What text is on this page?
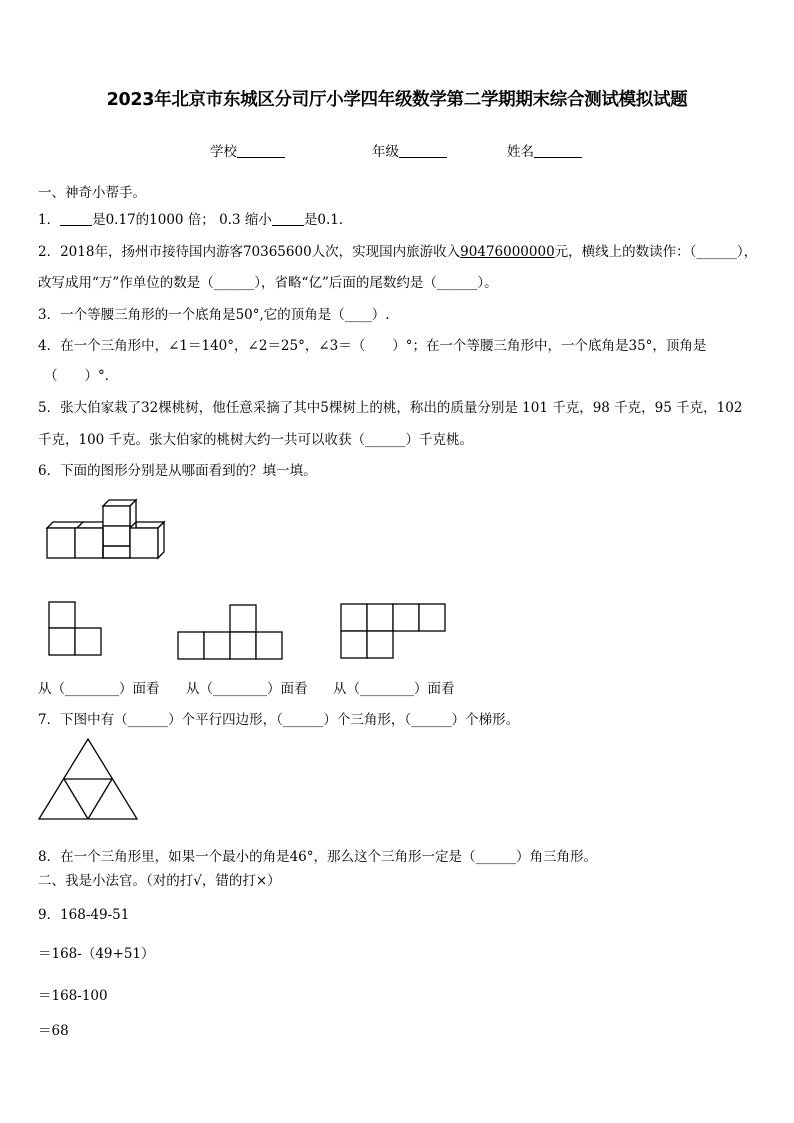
2023年北京市东城区分司厅小学四年级数学第二学期期末综合测试模拟试题
学校	年级	姓名
一、神奇小帮手。
1． 是0.17的1000 倍； 0.3 缩小 是0.1．
2．2018年，扬州市接待国内游客70365600人次，实现国内旅游收入90476000000元，横线上的数读作：（______），
改写成用“万”作单位的数是（______），省略“亿”后面的尾数约是（______）。
3．一个等腰三角形的一个底角是50°,它的顶角是（____）.
4．在一个三角形中，∠1＝140°，∠2＝25°，∠3＝（　　）°；在一个等腰三角形中，一个底角是35°，顶角是
（　　）°．
5．张大伯家栽了32棵桃树，他任意采摘了其中5棵树上的桃，称出的质量分别是 101 千克，98 千克，95 千克，102
千克，100 千克。张大伯家的桃树大约一共可以收获（______）千克桃。
6．下面的图形分别是从哪面看到的？填一填。
从（________）面看 从（________）面看 从（________）面看
7．下图中有（______）个平行四边形，（______）个三角形，（______）个梯形。
8．在一个三角形里，如果一个最小的角是46°，那么这个三角形一定是（______）角三角形。
二、我是小法官。（对的打√，错的打×）
9．168-49-51
＝168-（49+51）
＝168-100
＝68
